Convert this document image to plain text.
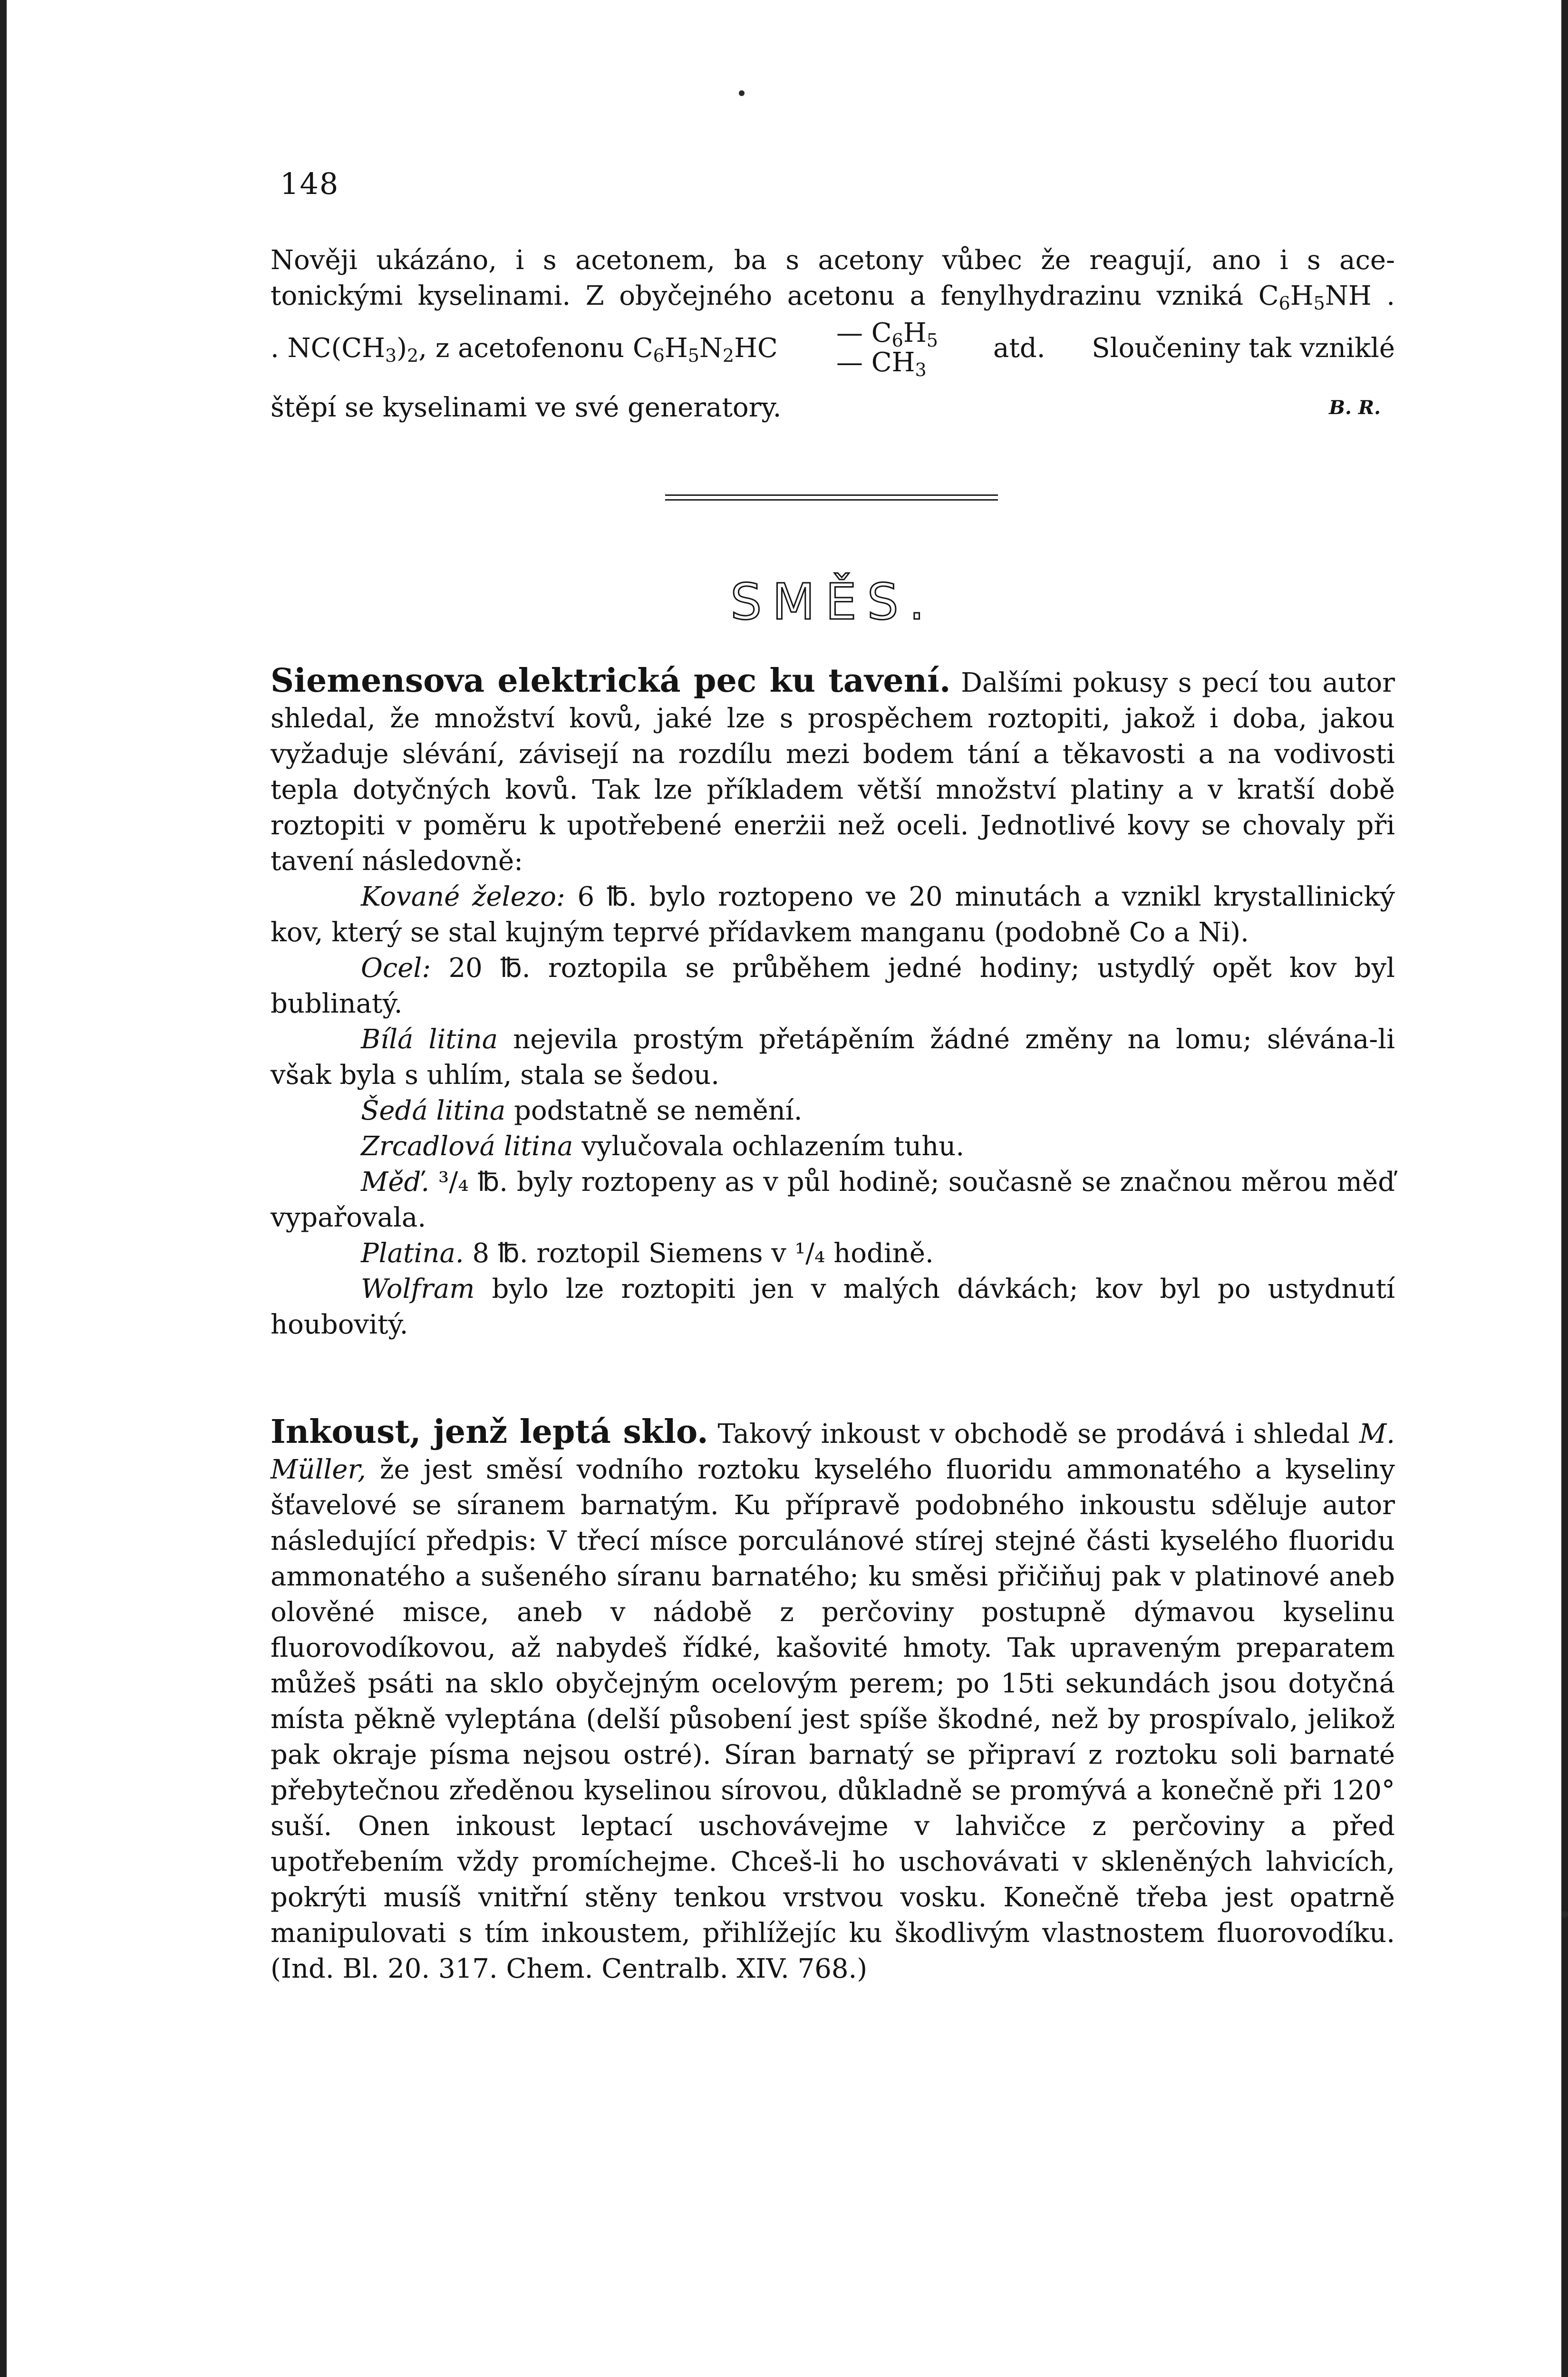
148

Nověji ukázáno, i s acetonem, ba s acetony vůbec že reagují, ano i s ace-

tonickými kyselinami. Z obyčejného acetonu a fenylhydrazinu vzniká $C_6H_5NH$ .

. $NC(CH_3)_2$, z acetofenonu $C_6H_5N_2HC$ — $C_6H_5$
— $CH_3$
atd.	Sloučeniny tak vzniklé

štěpí se kyselinami ve své generatory.	B. R.
SMĚS.

Siemensova elektrická pec ku tavení. Dalšími pokusy s pecí tou autor shledal, že množství kovů, jaké lze s prospěchem roztopiti, jakož i doba, jakou vyžaduje slévání, závisejí na rozdílu mezi bodem tání a těkavosti a na vodivosti tepla dotyčných kovů. Tak lze příkladem větší množství platiny a v kratší době roztopiti v poměru k upotřebené enerżii než oceli. Jednotlivé kovy se chovaly při tavení následovně:

Kované železo: 6 ℔. bylo roztopeno ve 20 minutách a vznikl krystallinický kov, který se stal kujným teprvé přídavkem manganu (podobně Co a Ni).

Ocel: 20 ℔. roztopila se průběhem jedné hodiny; ustydlý opět kov byl bublinatý.

Bílá litina nejevila prostým přetápěním žádné změny na lomu; slévána-li však byla s uhlím, stala se šedou.

Šedá litina podstatně se nemění.

Zrcadlová litina vylučovala ochlazením tuhu.

Měď. ³/₄ ℔. byly roztopeny as v půl hodině; současně se značnou měrou měď vypařovala.

Platina. 8 ℔. roztopil Siemens v ¹/₄ hodině.

Wolfram bylo lze roztopiti jen v malých dávkách; kov byl po ustydnutí houbovitý.

Inkoust, jenž leptá sklo. Takový inkoust v obchodě se prodává i shledal M. Müller, že jest směsí vodního roztoku kyselého fluoridu ammonatého a kyseliny šťavelové se síranem barnatým. Ku přípravě podobného inkoustu sděluje autor následující předpis: V třecí mísce porculánové stírej stejné části kyselého fluoridu ammonatého a sušeného síranu barnatého; ku směsi přičiňuj pak v platinové aneb olověné misce, aneb v nádobě z perčoviny postupně dýmavou kyselinu fluorovodíkovou, až nabydeš řídké, kašovité hmoty. Tak upraveným preparatem můžeš psáti na sklo obyčejným ocelovým perem; po 15ti sekundách jsou dotyčná místa pěkně vyleptána (delší působení jest spíše škodné, než by prospívalo, jelikož pak okraje písma nejsou ostré). Síran barnatý se připraví z roztoku soli barnaté přebytečnou zředěnou kyselinou sírovou, důkladně se promývá a konečně při 120° suší. Onen inkoust leptací uschovávejme v lahvičce z perčoviny a před upotřebením vždy promíchejme. Chceš-li ho uschovávati v skleněných lahvicích, pokrýti musíš vnitřní stěny tenkou vrstvou vosku. Konečně třeba jest opatrně manipulovati s tím inkoustem, přihlížejíc ku škodlivým vlastnostem fluorovodíku. (Ind. Bl. 20. 317. Chem. Centralb. XIV. 768.)
